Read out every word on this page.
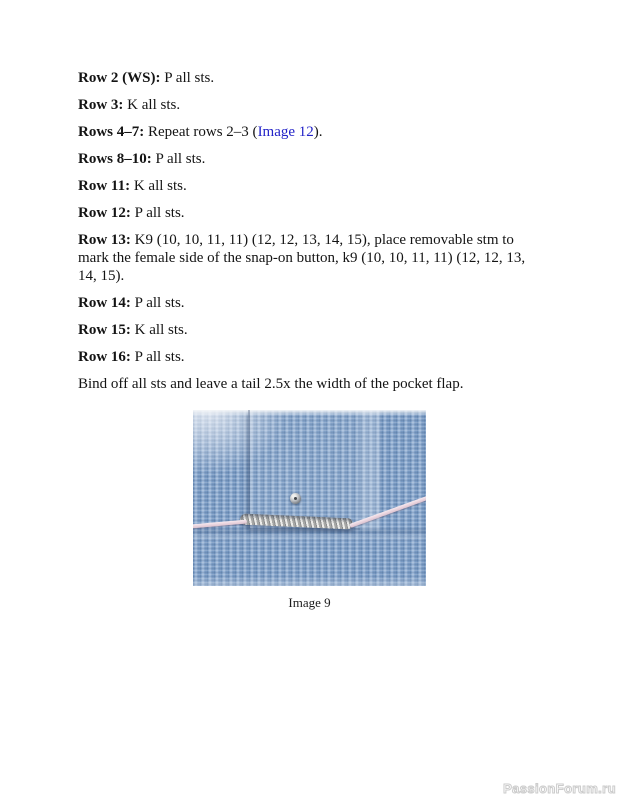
Row 2 (WS): P all sts.

Row 3: K all sts.

Rows 4–7: Repeat rows 2–3 (Image 12).

Rows 8–10: P all sts.

Row 11: K all sts.

Row 12: P all sts.

Row 13: K9 (10, 10, 11, 11) (12, 12, 13, 14, 15), place removable stm to mark the female side of the snap-on button, k9 (10, 10, 11, 11) (12, 12, 13, 14, 15).

Row 14: P all sts.

Row 15: K all sts.

Row 16: P all sts.

Bind off all sts and leave a tail 2.5x the width of the pocket flap.

Image 9
PassionForum.ru
